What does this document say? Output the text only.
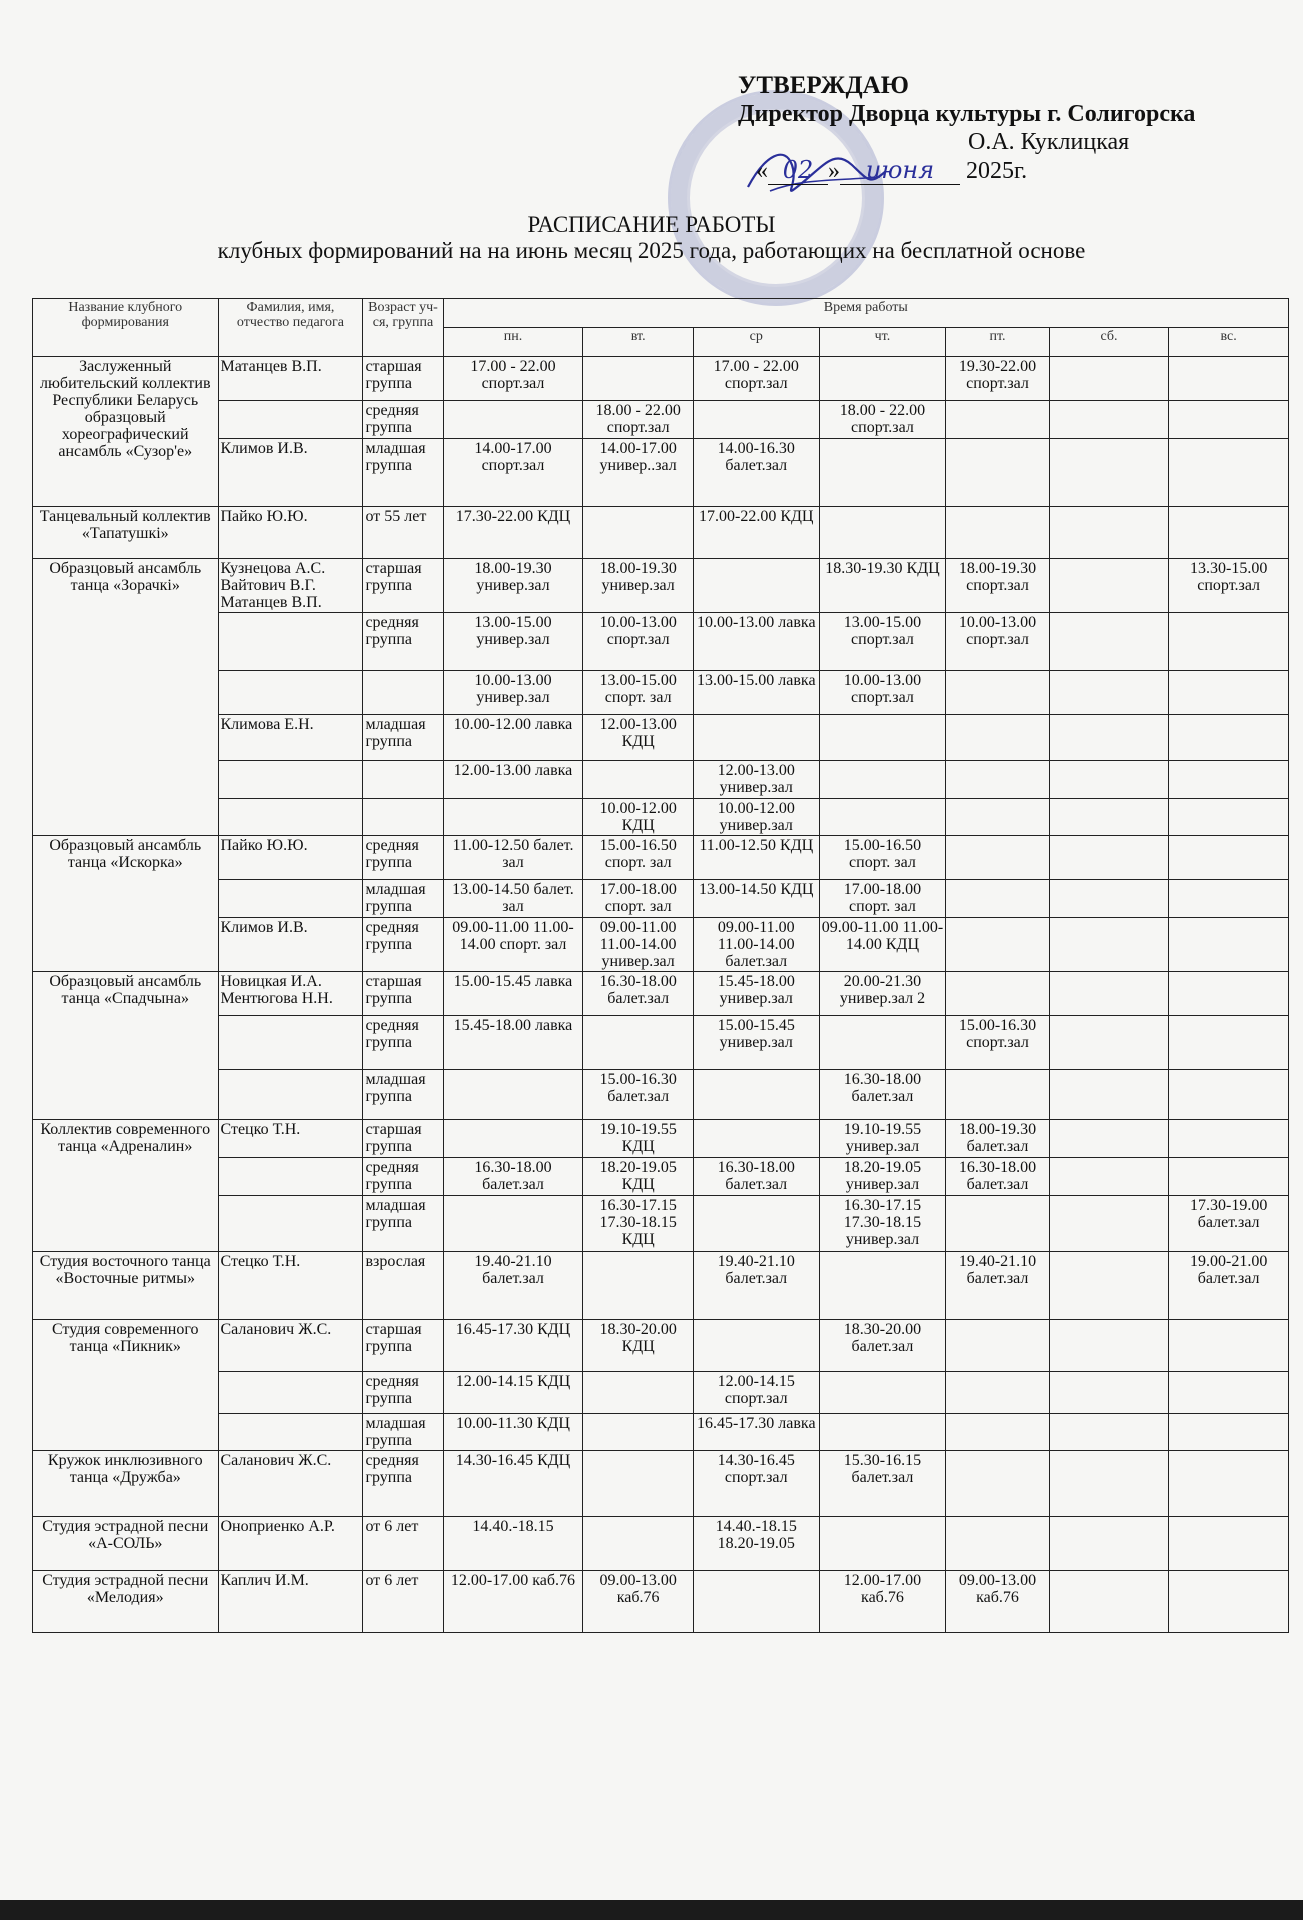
УТВЕРЖДАЮ
Директор Дворца культуры г. Солигорска
О.А. Куклицкая
« 02 » июня 2025г.
РАСПИСАНИЕ РАБОТЫ
клубных формирований на на июнь месяц 2025 года, работающих на бесплатной основе
Название клубного формирования	Фамилия, имя, отчество педагога	Возраст уч-ся, группа	Время работы						
			пн.	вт.	ср	чт.	пт.	сб.	вс.
Заслуженный любительский коллектив Республики Беларусь образцовый хореографический ансамбль «Сузор'е»	Матанцев В.П.	старшая группа	17.00 - 22.00 спорт.зал		17.00 - 22.00 спорт.зал		19.30-22.00 спорт.зал		
		средняя группа		18.00 - 22.00 спорт.зал		18.00 - 22.00 спорт.зал			
	Климов И.В.	младшая группа	14.00-17.00 спорт.зал	14.00-17.00 универ..зал	14.00-16.30 балет.зал				
Танцевальный коллектив «Тапатушкі»	Пайко Ю.Ю.	от 55 лет	17.30-22.00 КДЦ		17.00-22.00 КДЦ				
Образцовый ансамбль танца «Зорачкі»	Кузнецова А.С. Вайтович В.Г. Матанцев В.П.	старшая группа	18.00-19.30 универ.зал	18.00-19.30 универ.зал		18.30-19.30 КДЦ	18.00-19.30 спорт.зал		13.30-15.00 спорт.зал
		средняя группа	13.00-15.00 универ.зал	10.00-13.00 спорт.зал	10.00-13.00 лавка	13.00-15.00 спорт.зал	10.00-13.00 спорт.зал		
			10.00-13.00 универ.зал	13.00-15.00 спорт. зал	13.00-15.00 лавка	10.00-13.00 спорт.зал			
	Климова Е.Н.	младшая группа	10.00-12.00 лавка	12.00-13.00 КДЦ					
			12.00-13.00 лавка		12.00-13.00 универ.зал				
				10.00-12.00 КДЦ	10.00-12.00 универ.зал				
Образцовый ансамбль танца «Искорка»	Пайко Ю.Ю.	средняя группа	11.00-12.50 балет. зал	15.00-16.50 спорт. зал	11.00-12.50 КДЦ	15.00-16.50 спорт. зал			
		младшая группа	13.00-14.50 балет. зал	17.00-18.00 спорт. зал	13.00-14.50 КДЦ	17.00-18.00 спорт. зал			
	Климов И.В.	средняя группа	09.00-11.00 11.00-14.00 спорт. зал	09.00-11.00 11.00-14.00 универ.зал	09.00-11.00 11.00-14.00 балет.зал	09.00-11.00 11.00-14.00 КДЦ			
Образцовый ансамбль танца «Спадчына»	Новицкая И.А. Ментюгова Н.Н.	старшая группа	15.00-15.45 лавка	16.30-18.00 балет.зал	15.45-18.00 универ.зал	20.00-21.30 универ.зал 2			
		средняя группа	15.45-18.00 лавка		15.00-15.45 универ.зал		15.00-16.30 спорт.зал		
		младшая группа		15.00-16.30 балет.зал		16.30-18.00 балет.зал			
Коллектив современного танца «Адреналин»	Стецко Т.Н.	старшая группа		19.10-19.55 КДЦ		19.10-19.55 универ.зал	18.00-19.30 балет.зал		
		средняя группа	16.30-18.00 балет.зал	18.20-19.05 КДЦ	16.30-18.00 балет.зал	18.20-19.05 универ.зал	16.30-18.00 балет.зал		
		младшая группа		16.30-17.15 17.30-18.15 КДЦ		16.30-17.15 17.30-18.15 универ.зал			17.30-19.00 балет.зал
Студия восточного танца «Восточные ритмы»	Стецко Т.Н.	взрослая	19.40-21.10 балет.зал		19.40-21.10 балет.зал		19.40-21.10 балет.зал		19.00-21.00 балет.зал
Студия современного танца «Пикник»	Саланович Ж.С.	старшая группа	16.45-17.30 КДЦ	18.30-20.00 КДЦ		18.30-20.00 балет.зал			
		средняя группа	12.00-14.15 КДЦ		12.00-14.15 спорт.зал				
		младшая группа	10.00-11.30 КДЦ		16.45-17.30 лавка				
Кружок инклюзивного танца «Дружба»	Саланович Ж.С.	средняя группа	14.30-16.45 КДЦ		14.30-16.45 спорт.зал	15.30-16.15 балет.зал			
Студия эстрадной песни «А-СОЛЬ»	Оноприенко А.Р.	от 6 лет	14.40.-18.15		14.40.-18.15 18.20-19.05				
Студия эстрадной песни «Мелодия»	Каплич И.М.	от 6 лет	12.00-17.00 каб.76	09.00-13.00 каб.76		12.00-17.00 каб.76	09.00-13.00 каб.76		
